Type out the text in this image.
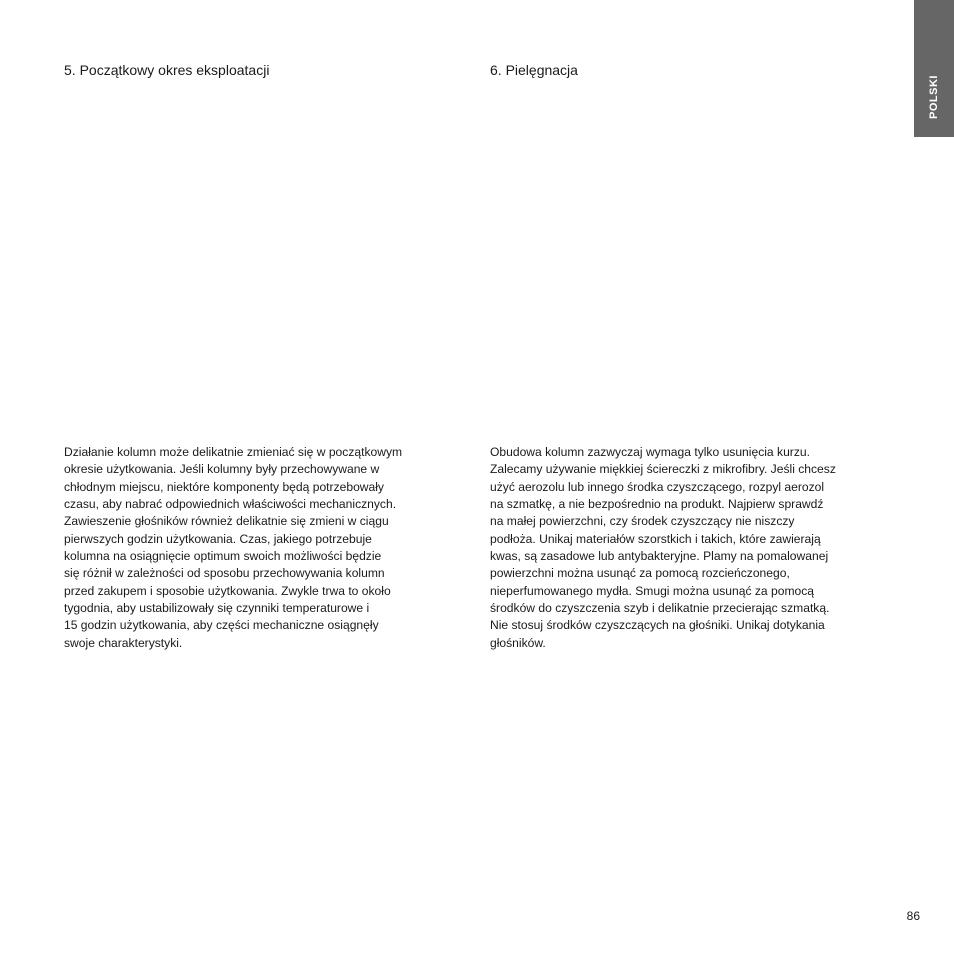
5. Początkowy okres eksploatacji	6. Pielęgnacja

Działanie kolumn może delikatnie zmieniać się w początkowym
okresie użytkowania. Jeśli kolumny były przechowywane w
chłodnym miejscu, niektóre komponenty będą potrzebowały
czasu, aby nabrać odpowiednich właściwości mechanicznych.
Zawieszenie głośników również delikatnie się zmieni w ciągu
pierwszych godzin użytkowania. Czas, jakiego potrzebuje
kolumna na osiągnięcie optimum swoich możliwości będzie
się różnił w zależności od sposobu przechowywania kolumn
przed zakupem i sposobie użytkowania. Zwykle trwa to około
tygodnia, aby ustabilizowały się czynniki temperaturowe i
15 godzin użytkowania, aby części mechaniczne osiągnęły
swoje charakterystyki.

Obudowa kolumn zazwyczaj wymaga tylko usunięcia kurzu.
Zalecamy używanie miękkiej ściereczki z mikrofibry. Jeśli chcesz
użyć aerozolu lub innego środka czyszczącego, rozpyl aerozol
na szmatkę, a nie bezpośrednio na produkt. Najpierw sprawdź
na małej powierzchni, czy środek czyszczący nie niszczy
podłoża. Unikaj materiałów szorstkich i takich, które zawierają
kwas, są zasadowe lub antybakteryjne. Plamy na pomalowanej
powierzchni można usunąć za pomocą rozcieńczonego,
nieperfumowanego mydła. Smugi można usunąć za pomocą
środków do czyszczenia szyb i delikatnie przecierając szmatką.
Nie stosuj środków czyszczących na głośniki. Unikaj dotykania
głośników.

POLSKI
86
